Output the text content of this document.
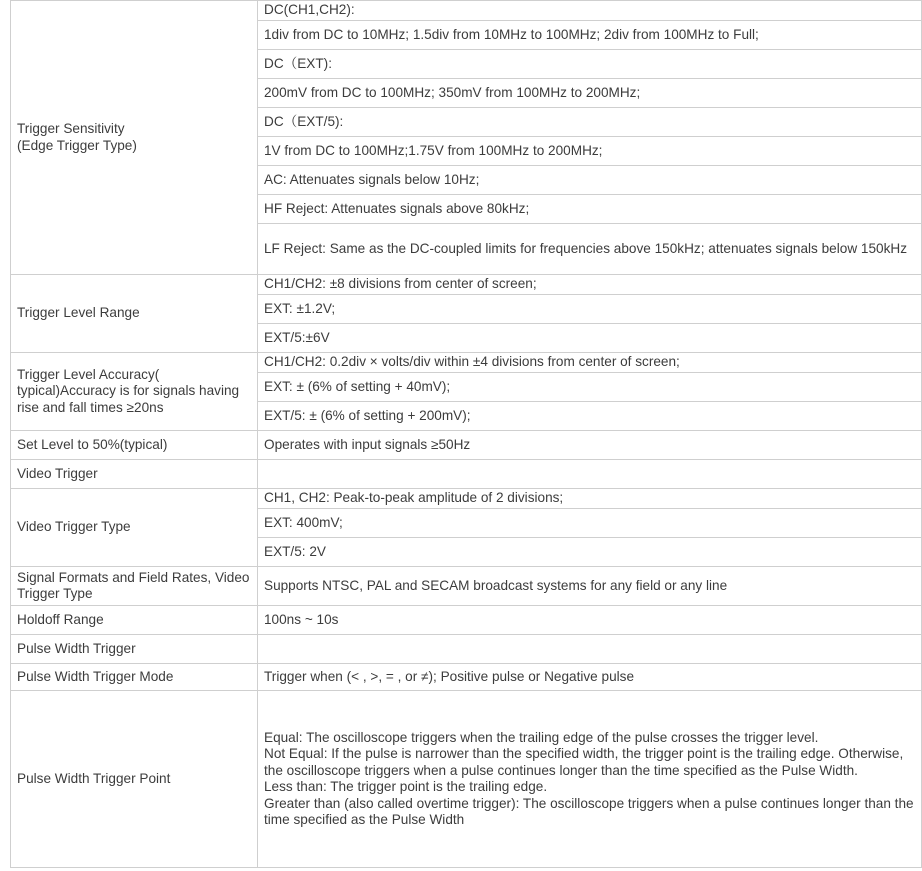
Trigger Sensitivity
(Edge Trigger Type)	DC(CH1,CH2):
	1div from DC to 10MHz; 1.5div from 10MHz to 100MHz; 2div from 100MHz to Full;
	DC（EXT):
	200mV from DC to 100MHz; 350mV from 100MHz to 200MHz;
	DC（EXT/5):
	1V from DC to 100MHz;1.75V from 100MHz to 200MHz;
	AC: Attenuates signals below 10Hz;
	HF Reject: Attenuates signals above 80kHz;
	LF Reject: Same as the DC-coupled limits for frequencies above 150kHz; attenuates signals below 150kHz
Trigger Level Range	CH1/CH2: ±8 divisions from center of screen;
	EXT: ±1.2V;
	EXT/5:±6V
Trigger Level Accuracy( typical)Accuracy is for signals having rise and fall times ≥20ns	CH1/CH2: 0.2div × volts/div within ±4 divisions from center of screen;
	EXT: ± (6% of setting + 40mV);
	EXT/5: ± (6% of setting + 200mV);
Set Level to 50%(typical)	Operates with input signals ≥50Hz
Video Trigger	
Video Trigger Type	CH1, CH2: Peak-to-peak amplitude of 2 divisions;
	EXT: 400mV;
	EXT/5: 2V
Signal Formats and Field Rates, Video Trigger Type	Supports NTSC, PAL and SECAM broadcast systems for any field or any line
Holdoff Range	100ns ~ 10s
Pulse Width Trigger	
Pulse Width Trigger Mode	Trigger when (< , >, = , or ≠); Positive pulse or Negative pulse
Pulse Width Trigger Point	Equal: The oscilloscope triggers when the trailing edge of the pulse crosses the trigger level.
Not Equal: If the pulse is narrower than the specified width, the trigger point is the trailing edge. Otherwise, the oscilloscope triggers when a pulse continues longer than the time specified as the Pulse Width.
Less than: The trigger point is the trailing edge.
Greater than (also called overtime trigger): The oscilloscope triggers when a pulse continues longer than the time specified as the Pulse Width
